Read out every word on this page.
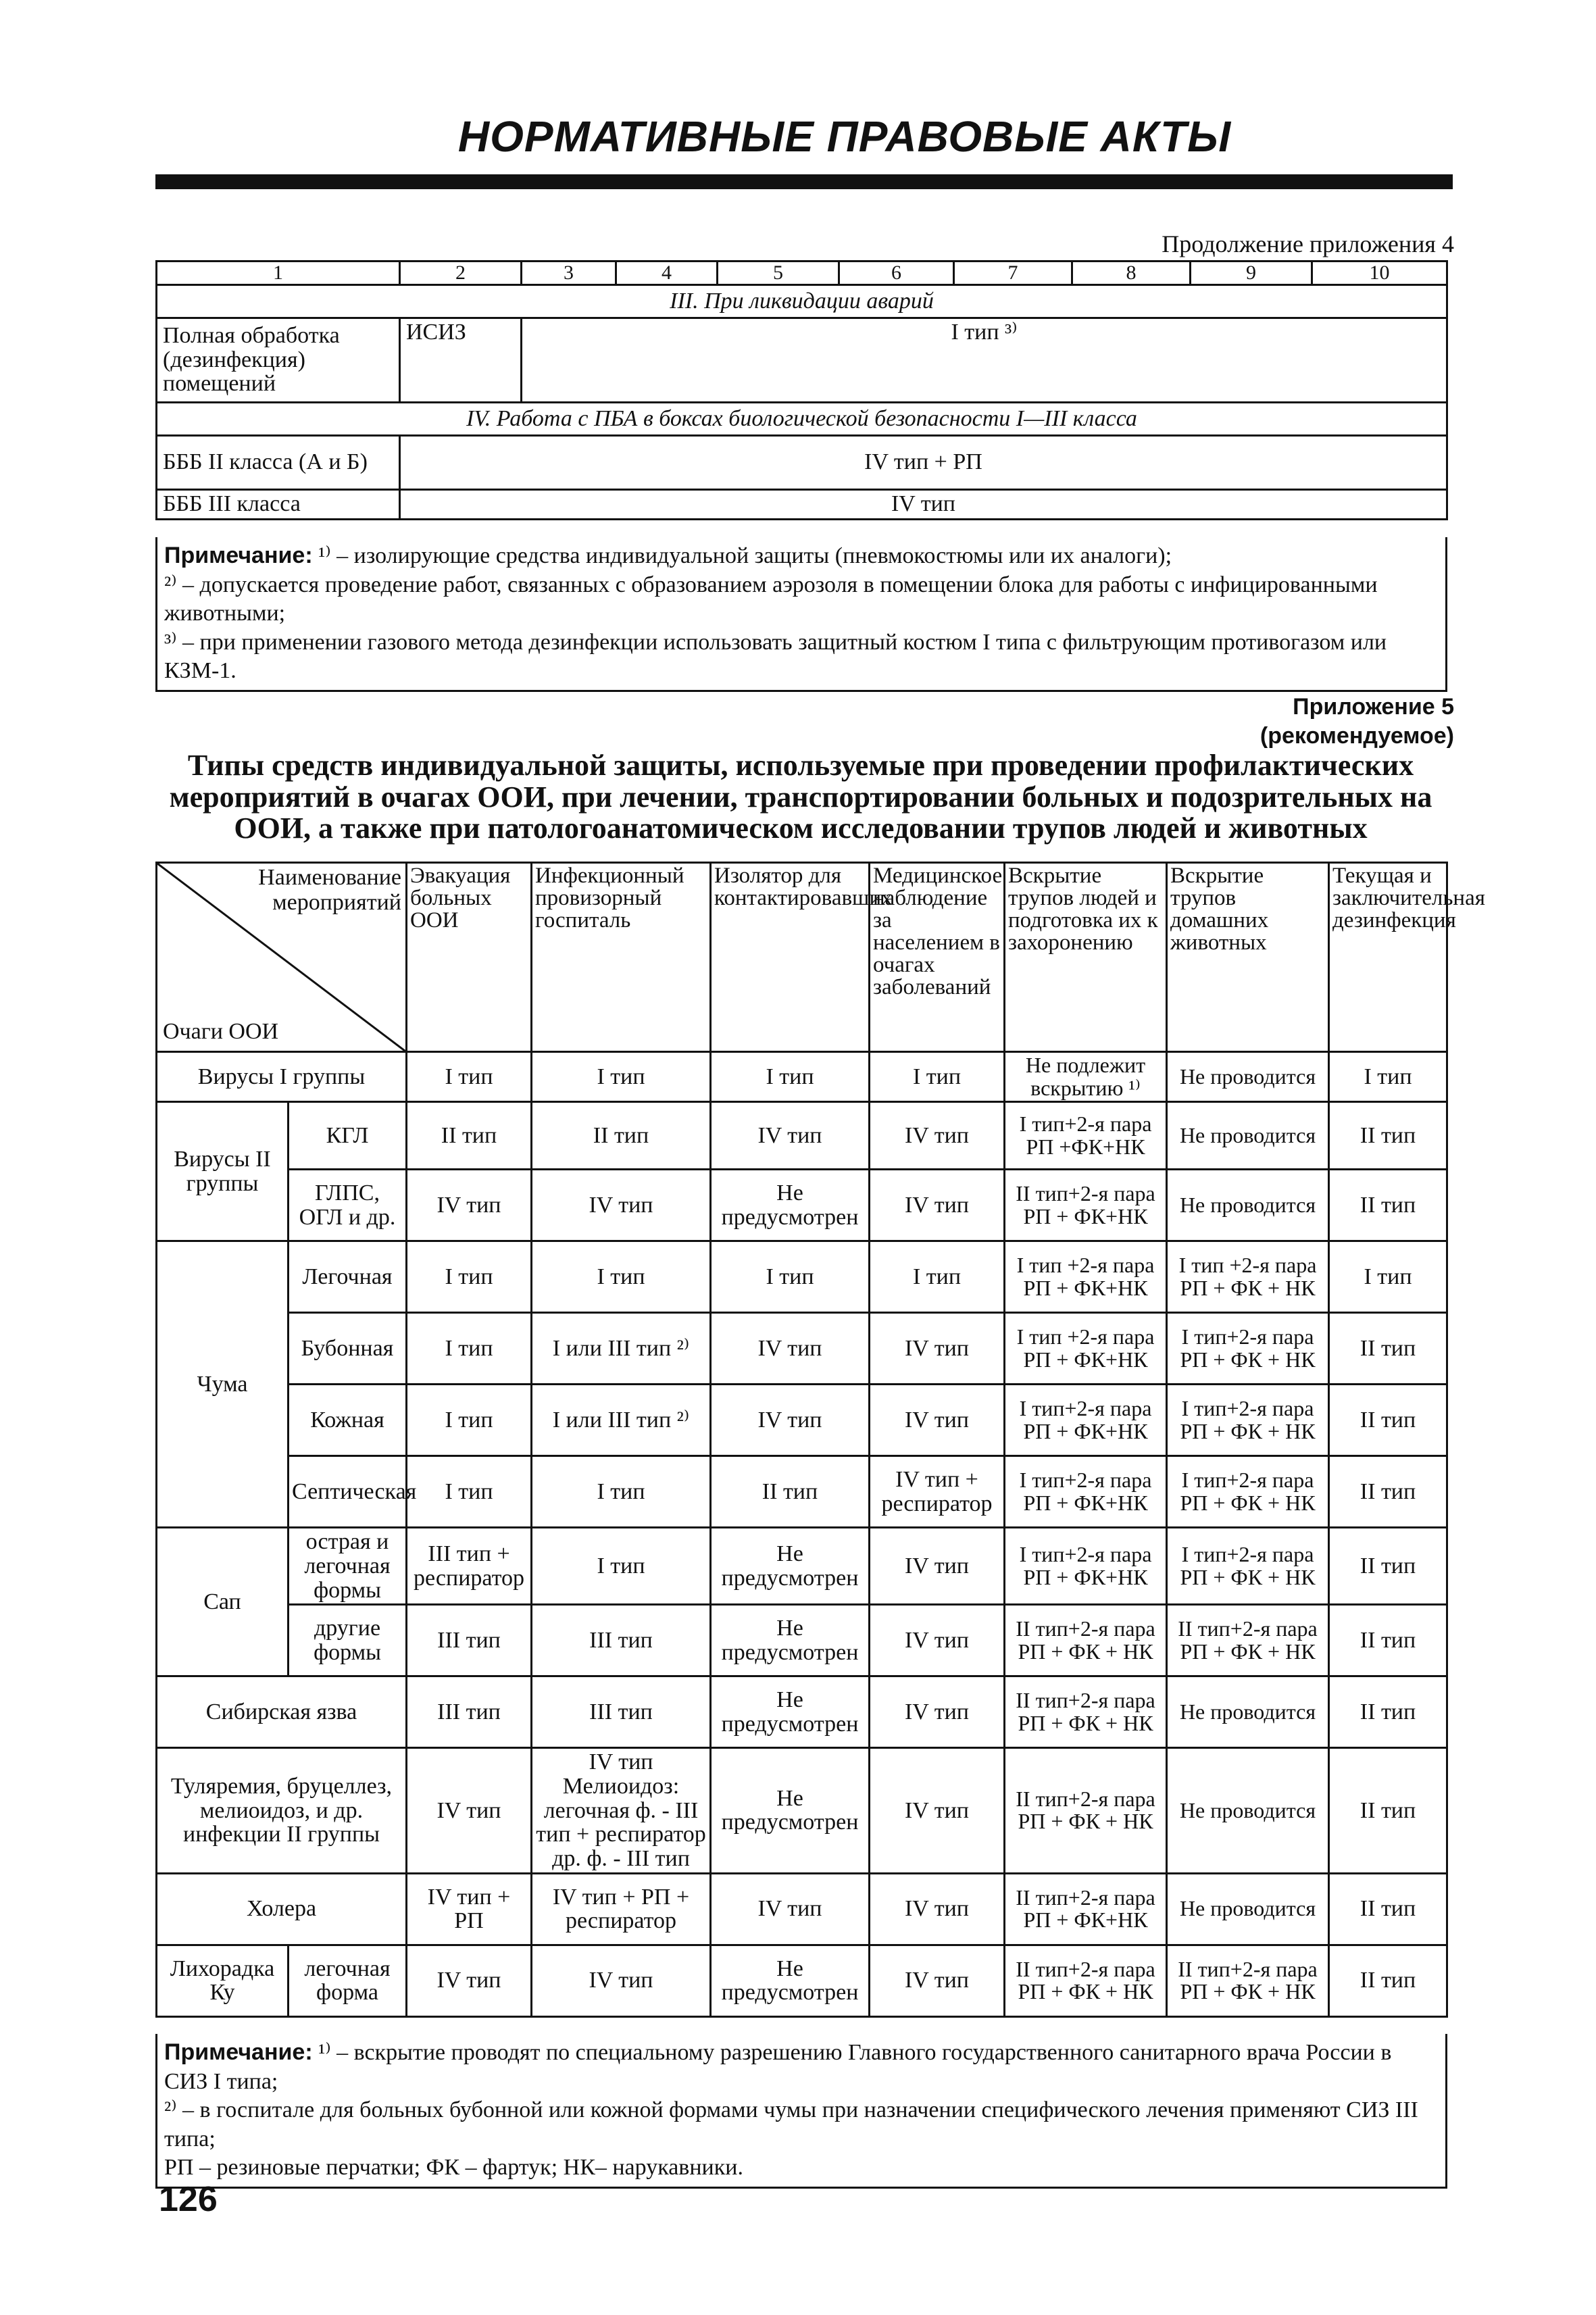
НОРМАТИВНЫЕ ПРАВОВЫЕ АКТЫ
Продолжение приложения 4
1	2	3	4	5	6	7	8	9	10
III. При ликвидации аварий									
Полная обработка (дезинфекция) помещений	ИСИЗ	I тип ³⁾							
IV. Работа с ПБА в боксах биологической безопасности I—III класса									
БББ II класса (А и Б)	IV тип + РП								
БББ III класса	IV тип								
Примечание: ¹⁾ – изолирующие средства индивидуальной защиты (пневмокостюмы или их аналоги);
²⁾ – допускается проведение работ, связанных с образованием аэрозоля в помещении блока для работы с инфицированными животными;
³⁾ – при применении газового метода дезинфекции использовать защитный костюм I типа с фильтрующим противогазом или КЗМ-1.
Приложение 5
(рекомендуемое)
Типы средств индивидуальной защиты, используемые при проведении профилактических мероприятий в очагах ООИ, при лечении, транспортировании больных и подозрительных на ООИ, а также при патологоанатомическом исследовании трупов людей и животных
Наименование мероприятий
Очаги ООИ		Эвакуация больных ООИ	Инфекционный провизорный госпиталь	Изолятор для контактировавших	Медицинское наблюдение за населением в очагах заболеваний	Вскрытие трупов людей и подготовка их к захоронению	Вскрытие трупов домашних животных	Текущая и заключительная дезинфекция
Вирусы I группы		I тип	I тип	I тип	I тип	Не подлежит вскрытию ¹⁾	Не проводится	I тип
Вирусы II группы	КГЛ	II тип	II тип	IV тип	IV тип	I тип+2-я пара РП +ФК+НК	Не проводится	II тип
	ГЛПС, ОГЛ и др.	IV тип	IV тип	Не предусмотрен	IV тип	II тип+2-я пара РП + ФК+НК	Не проводится	II тип
Чума	Легочная	I тип	I тип	I тип	I тип	I тип +2-я пара РП + ФК+НК	I тип +2-я пара РП + ФК + НК	I тип
	Бубонная	I тип	I или III тип ²⁾	IV тип	IV тип	I тип +2-я пара РП + ФК+НК	I тип+2-я пара РП + ФК + НК	II тип
	Кожная	I тип	I или III тип ²⁾	IV тип	IV тип	I тип+2-я пара РП + ФК+НК	I тип+2-я пара РП + ФК + НК	II тип
	Септическая	I тип	I тип	II тип	IV тип + респиратор	I тип+2-я пара РП + ФК+НК	I тип+2-я пара РП + ФК + НК	II тип
Сап	острая и легочная формы	III тип + респиратор	I тип	Не предусмотрен	IV тип	I тип+2-я пара РП + ФК+НК	I тип+2-я пара РП + ФК + НК	II тип
	другие формы	III тип	III тип	Не предусмотрен	IV тип	II тип+2-я пара РП + ФК + НК	II тип+2-я пара РП + ФК + НК	II тип
Сибирская язва		III тип	III тип	Не предусмотрен	IV тип	II тип+2-я пара РП + ФК + НК	Не проводится	II тип
Туляремия, бруцеллез, мелиоидоз, и др. инфекции II группы		IV тип	IV тип Мелиоидоз: легочная ф. - III тип + респиратор др. ф. - III тип	Не предусмотрен	IV тип	II тип+2-я пара РП + ФК + НК	Не проводится	II тип
Холера		IV тип + РП	IV тип + РП + респиратор	IV тип	IV тип	II тип+2-я пара РП + ФК+НК	Не проводится	II тип
Лихорадка Ку	легочная форма	IV тип	IV тип	Не предусмотрен	IV тип	II тип+2-я пара РП + ФК + НК	II тип+2-я пара РП + ФК + НК	II тип
Примечание: ¹⁾ – вскрытие проводят по специальному разрешению Главного государственного санитарного врача России в СИЗ I типа;
²⁾ – в госпитале для больных бубонной или кожной формами чумы при назначении специфического лечения применяют СИЗ III типа;
РП – резиновые перчатки; ФК – фартук; НК– нарукавники.
126
